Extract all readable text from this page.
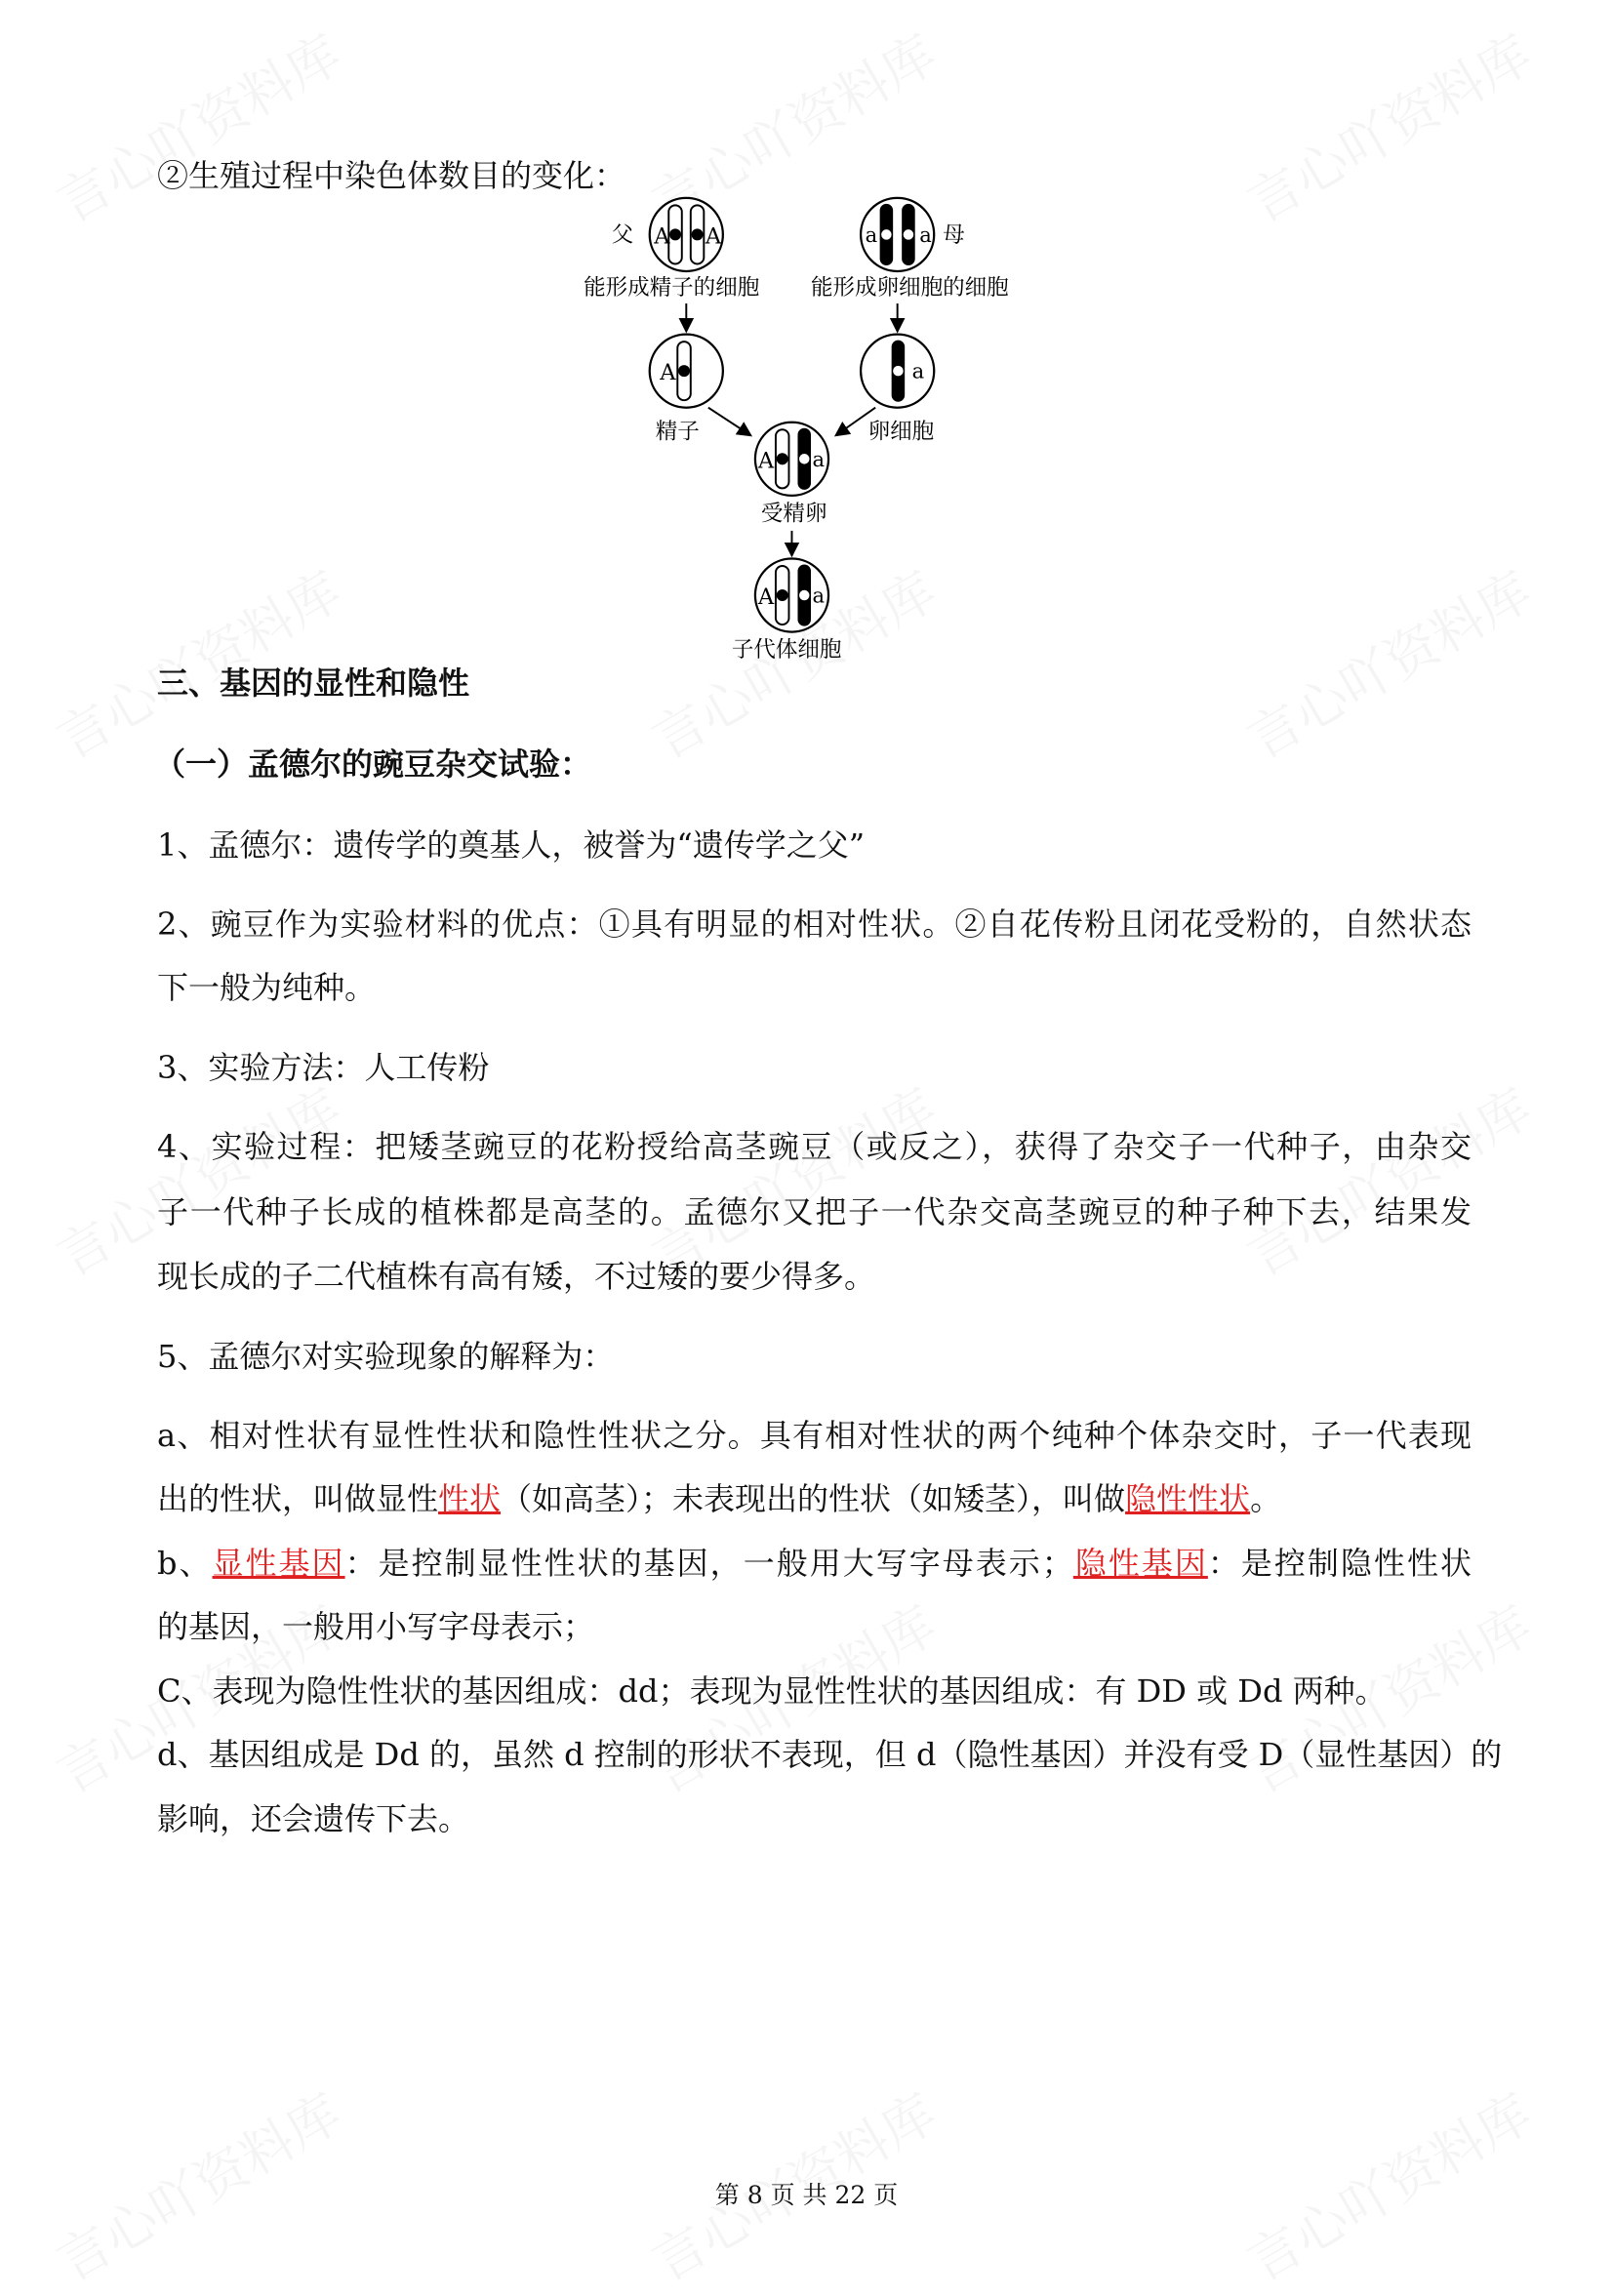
②生殖过程中染色体数目的变化：
A A
父	a	a 母
能形成精子的细胞	能形成卵细胞的细胞
A
精子
a
卵细胞
A	a
受精卵
A	a
子代体细胞
三、基因的显性和隐性
（一）孟德尔的豌豆杂交试验：
1、孟德尔：遗传学的奠基人，被誉为“遗传学之父”
2、豌豆作为实验材料的优点：①具有明显的相对性状。②自花传粉且闭花受粉的，自然状态
下一般为纯种。
3、实验方法：人工传粉
4、实验过程：把矮茎豌豆的花粉授给高茎豌豆（或反之），获得了杂交子一代种子，由杂交
子一代种子长成的植株都是高茎的。孟德尔又把子一代杂交高茎豌豆的种子种下去，结果发
现长成的子二代植株有高有矮，不过矮的要少得多。
5、孟德尔对实验现象的解释为：
a、相对性状有显性性状和隐性性状之分。具有相对性状的两个纯种个体杂交时，子一代表现
出的性状，叫做显性性状（如高茎）；未表现出的性状（如矮茎），叫做隐性性状。
b、显性基因：是控制显性性状的基因，一般用大写字母表示；隐性基因：是控制隐性性状
的基因，一般用小写字母表示；
C、表现为隐性性状的基因组成：dd；表现为显性性状的基因组成：有 DD 或 Dd 两种。
d、基因组成是 Dd 的，虽然 d 控制的形状不表现，但 d（隐性基因）并没有受 D（显性基因）的
影响，还会遗传下去。
第 8 页 共 22 页
